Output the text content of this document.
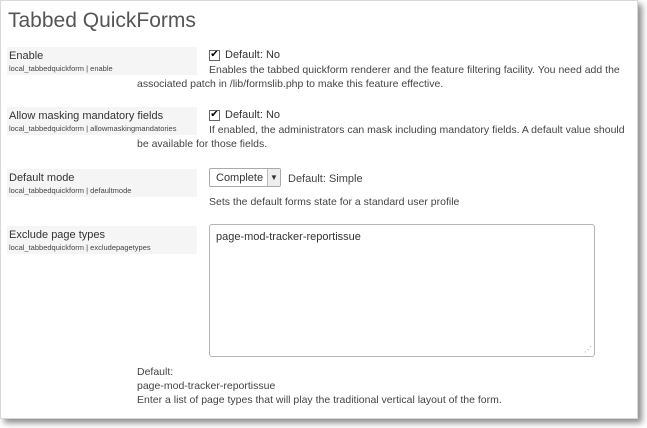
Tabbed QuickForms
Enable
local_tabbedquickform | enable
✔ Default: No
Enables the tabbed quickform renderer and the feature filtering facility. You need add the
associated patch in /lib/formslib.php to make this feature effective.
Allow masking mandatory fields
local_tabbedquickform | allowmaskingmandatories
✔ Default: No
If enabled, the administrators can mask including mandatory fields. A default value should
be available for those fields.
Default mode
local_tabbedquickform | defaultmode
Complete ▼ Default: Simple
Sets the default forms state for a standard user profile
Exclude page types
local_tabbedquickform | excludepagetypes
page-mod-tracker-reportissue
⋰
Default:
page-mod-tracker-reportissue
Enter a list of page types that will play the traditional vertical layout of the form.
